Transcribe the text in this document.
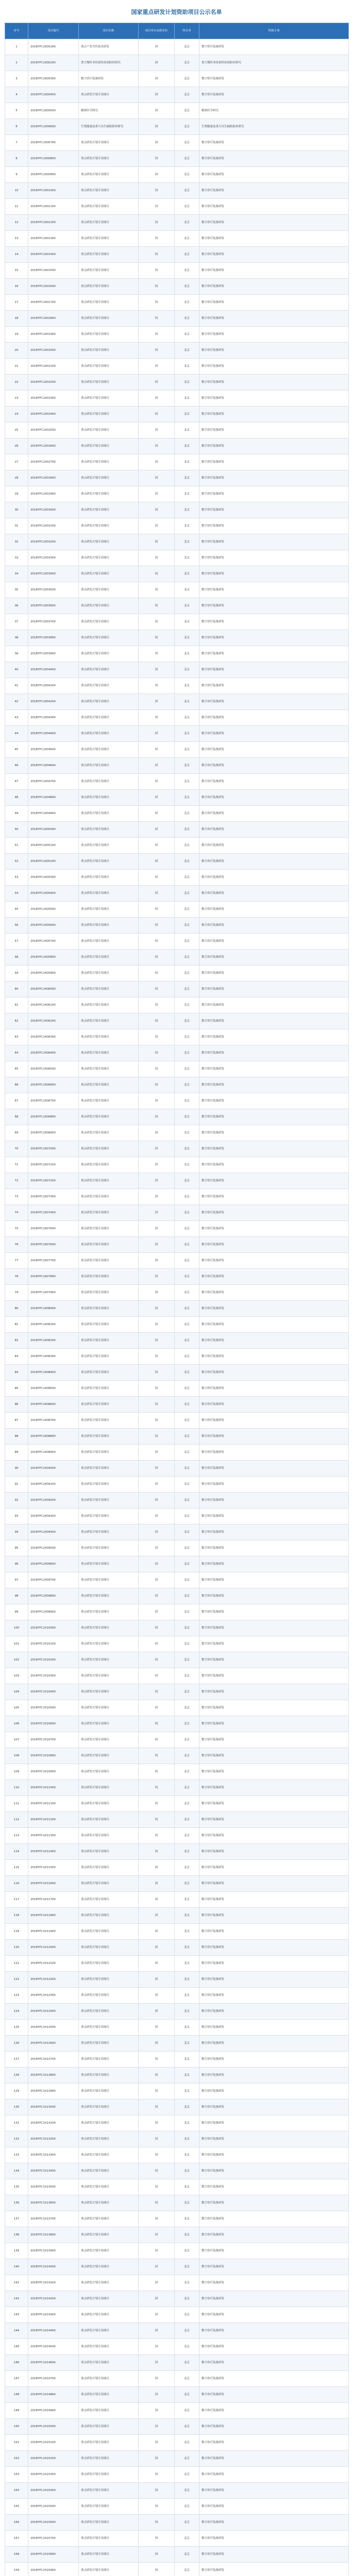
国家重点研发计划资助项目公示名单
序号	项目编号	项目名称	项目牵头承担单位	所在省	所属专项
1	2018YFC1000100	重点产业共性技术研发	国	北京	数字诊疗装备研发
2	2018YFC1000200	重大慢性非传染性疾病防控研究	国	北京	重大慢性非传染性疾病防控研究
3	2018YFC1000300	数字诊疗装备研发	国	北京	数字诊疗装备研发
4	2018YFC1000400	重点研发计划专项项目	国	北京	数字诊疗装备研发
5	2018YFC1000500	精准医学研究	国	北京	精准医学研究
6	2018YFC1000600	生殖健康及重大出生缺陷防控研究	国	北京	生殖健康及重大出生缺陷防控研究
7	2018YFC1000700	重点研发计划专项项目	国	北京	数字诊疗装备研发
8	2018YFC1000800	重点研发计划专项项目	国	北京	数字诊疗装备研发
9	2018YFC1000900	重点研发计划专项项目	国	北京	数字诊疗装备研发
10	2018YFC1001000	重点研发计划专项项目	国	北京	数字诊疗装备研发
11	2018YFC1001100	重点研发计划专项项目	国	北京	数字诊疗装备研发
12	2018YFC1001200	重点研发计划专项项目	国	北京	数字诊疗装备研发
13	2018YFC1001300	重点研发计划专项项目	国	北京	数字诊疗装备研发
14	2018YFC1001400	重点研发计划专项项目	国	北京	数字诊疗装备研发
15	2018YFC1001500	重点研发计划专项项目	国	北京	数字诊疗装备研发
16	2018YFC1001600	重点研发计划专项项目	国	北京	数字诊疗装备研发
17	2018YFC1001700	重点研发计划专项项目	国	北京	数字诊疗装备研发
18	2018YFC1001800	重点研发计划专项项目	国	北京	数字诊疗装备研发
19	2018YFC1001900	重点研发计划专项项目	国	北京	数字诊疗装备研发
20	2018YFC1002000	重点研发计划专项项目	国	北京	数字诊疗装备研发
21	2018YFC1002100	重点研发计划专项项目	国	北京	数字诊疗装备研发
22	2018YFC1002200	重点研发计划专项项目	国	北京	数字诊疗装备研发
23	2018YFC1002300	重点研发计划专项项目	国	北京	数字诊疗装备研发
24	2018YFC1002400	重点研发计划专项项目	国	北京	数字诊疗装备研发
25	2018YFC1002500	重点研发计划专项项目	国	北京	数字诊疗装备研发
26	2018YFC1002600	重点研发计划专项项目	国	北京	数字诊疗装备研发
27	2018YFC1002700	重点研发计划专项项目	国	北京	数字诊疗装备研发
28	2018YFC1002800	重点研发计划专项项目	国	北京	数字诊疗装备研发
29	2018YFC1002900	重点研发计划专项项目	国	北京	数字诊疗装备研发
30	2018YFC1003000	重点研发计划专项项目	国	北京	数字诊疗装备研发
31	2018YFC1003100	重点研发计划专项项目	国	北京	数字诊疗装备研发
32	2018YFC1003200	重点研发计划专项项目	国	北京	数字诊疗装备研发
33	2018YFC1003300	重点研发计划专项项目	国	北京	数字诊疗装备研发
34	2018YFC1003400	重点研发计划专项项目	国	北京	数字诊疗装备研发
35	2018YFC1003500	重点研发计划专项项目	国	北京	数字诊疗装备研发
36	2018YFC1003600	重点研发计划专项项目	国	北京	数字诊疗装备研发
37	2018YFC1003700	重点研发计划专项项目	国	北京	数字诊疗装备研发
38	2018YFC1003800	重点研发计划专项项目	国	北京	数字诊疗装备研发
39	2018YFC1003900	重点研发计划专项项目	国	北京	数字诊疗装备研发
40	2018YFC1004000	重点研发计划专项项目	国	北京	数字诊疗装备研发
41	2018YFC1004100	重点研发计划专项项目	国	北京	数字诊疗装备研发
42	2018YFC1004200	重点研发计划专项项目	国	北京	数字诊疗装备研发
43	2018YFC1004300	重点研发计划专项项目	国	北京	数字诊疗装备研发
44	2018YFC1004400	重点研发计划专项项目	国	北京	数字诊疗装备研发
45	2018YFC1004500	重点研发计划专项项目	国	北京	数字诊疗装备研发
46	2018YFC1004600	重点研发计划专项项目	国	北京	数字诊疗装备研发
47	2018YFC1004700	重点研发计划专项项目	国	北京	数字诊疗装备研发
48	2018YFC1004800	重点研发计划专项项目	国	北京	数字诊疗装备研发
49	2018YFC1004900	重点研发计划专项项目	国	北京	数字诊疗装备研发
50	2018YFC1005000	重点研发计划专项项目	国	北京	数字诊疗装备研发
51	2018YFC1005100	重点研发计划专项项目	国	北京	数字诊疗装备研发
52	2018YFC1005200	重点研发计划专项项目	国	北京	数字诊疗装备研发
53	2018YFC1005300	重点研发计划专项项目	国	北京	数字诊疗装备研发
54	2018YFC1005400	重点研发计划专项项目	国	北京	数字诊疗装备研发
55	2018YFC1005500	重点研发计划专项项目	国	北京	数字诊疗装备研发
56	2018YFC1005600	重点研发计划专项项目	国	北京	数字诊疗装备研发
57	2018YFC1005700	重点研发计划专项项目	国	北京	数字诊疗装备研发
58	2018YFC1005800	重点研发计划专项项目	国	北京	数字诊疗装备研发
59	2018YFC1005900	重点研发计划专项项目	国	北京	数字诊疗装备研发
60	2018YFC1006000	重点研发计划专项项目	国	北京	数字诊疗装备研发
61	2018YFC1006100	重点研发计划专项项目	国	北京	数字诊疗装备研发
62	2018YFC1006200	重点研发计划专项项目	国	北京	数字诊疗装备研发
63	2018YFC1006300	重点研发计划专项项目	国	北京	数字诊疗装备研发
64	2018YFC1006400	重点研发计划专项项目	国	北京	数字诊疗装备研发
65	2018YFC1006500	重点研发计划专项项目	国	北京	数字诊疗装备研发
66	2018YFC1006600	重点研发计划专项项目	国	北京	数字诊疗装备研发
67	2018YFC1006700	重点研发计划专项项目	国	北京	数字诊疗装备研发
68	2018YFC1006800	重点研发计划专项项目	国	北京	数字诊疗装备研发
69	2018YFC1006900	重点研发计划专项项目	国	北京	数字诊疗装备研发
70	2018YFC1007000	重点研发计划专项项目	国	北京	数字诊疗装备研发
71	2018YFC1007100	重点研发计划专项项目	国	北京	数字诊疗装备研发
72	2018YFC1007200	重点研发计划专项项目	国	北京	数字诊疗装备研发
73	2018YFC1007300	重点研发计划专项项目	国	北京	数字诊疗装备研发
74	2018YFC1007400	重点研发计划专项项目	国	北京	数字诊疗装备研发
75	2018YFC1007500	重点研发计划专项项目	国	北京	数字诊疗装备研发
76	2018YFC1007600	重点研发计划专项项目	国	北京	数字诊疗装备研发
77	2018YFC1007700	重点研发计划专项项目	国	北京	数字诊疗装备研发
78	2018YFC1007800	重点研发计划专项项目	国	北京	数字诊疗装备研发
79	2018YFC1007900	重点研发计划专项项目	国	北京	数字诊疗装备研发
80	2018YFC1008000	重点研发计划专项项目	国	北京	数字诊疗装备研发
81	2018YFC1008100	重点研发计划专项项目	国	北京	数字诊疗装备研发
82	2018YFC1008200	重点研发计划专项项目	国	北京	数字诊疗装备研发
83	2018YFC1008300	重点研发计划专项项目	国	北京	数字诊疗装备研发
84	2018YFC1008400	重点研发计划专项项目	国	北京	数字诊疗装备研发
85	2018YFC1008500	重点研发计划专项项目	国	北京	数字诊疗装备研发
86	2018YFC1008600	重点研发计划专项项目	国	北京	数字诊疗装备研发
87	2018YFC1008700	重点研发计划专项项目	国	北京	数字诊疗装备研发
88	2018YFC1008800	重点研发计划专项项目	国	北京	数字诊疗装备研发
89	2018YFC1008900	重点研发计划专项项目	国	北京	数字诊疗装备研发
90	2018YFC1009000	重点研发计划专项项目	国	北京	数字诊疗装备研发
91	2018YFC1009100	重点研发计划专项项目	国	北京	数字诊疗装备研发
92	2018YFC1009200	重点研发计划专项项目	国	北京	数字诊疗装备研发
93	2018YFC1009300	重点研发计划专项项目	国	北京	数字诊疗装备研发
94	2018YFC1009400	重点研发计划专项项目	国	北京	数字诊疗装备研发
95	2018YFC1009500	重点研发计划专项项目	国	北京	数字诊疗装备研发
96	2018YFC1009600	重点研发计划专项项目	国	北京	数字诊疗装备研发
97	2018YFC1009700	重点研发计划专项项目	国	北京	数字诊疗装备研发
98	2018YFC1009800	重点研发计划专项项目	国	北京	数字诊疗装备研发
99	2018YFC1009900	重点研发计划专项项目	国	北京	数字诊疗装备研发
100	2018YFC1010000	重点研发计划专项项目	国	北京	数字诊疗装备研发
101	2018YFC1010100	重点研发计划专项项目	国	北京	数字诊疗装备研发
102	2018YFC1010200	重点研发计划专项项目	国	北京	数字诊疗装备研发
103	2018YFC1010300	重点研发计划专项项目	国	北京	数字诊疗装备研发
104	2018YFC1010400	重点研发计划专项项目	国	北京	数字诊疗装备研发
105	2018YFC1010500	重点研发计划专项项目	国	北京	数字诊疗装备研发
106	2018YFC1010600	重点研发计划专项项目	国	北京	数字诊疗装备研发
107	2018YFC1010700	重点研发计划专项项目	国	北京	数字诊疗装备研发
108	2018YFC1010800	重点研发计划专项项目	国	北京	数字诊疗装备研发
109	2018YFC1010900	重点研发计划专项项目	国	北京	数字诊疗装备研发
110	2018YFC1011000	重点研发计划专项项目	国	北京	数字诊疗装备研发
111	2018YFC1011100	重点研发计划专项项目	国	北京	数字诊疗装备研发
112	2018YFC1011200	重点研发计划专项项目	国	北京	数字诊疗装备研发
113	2018YFC1011300	重点研发计划专项项目	国	北京	数字诊疗装备研发
114	2018YFC1011400	重点研发计划专项项目	国	北京	数字诊疗装备研发
115	2018YFC1011500	重点研发计划专项项目	国	北京	数字诊疗装备研发
116	2018YFC1011600	重点研发计划专项项目	国	北京	数字诊疗装备研发
117	2018YFC1011700	重点研发计划专项项目	国	北京	数字诊疗装备研发
118	2018YFC1011800	重点研发计划专项项目	国	北京	数字诊疗装备研发
119	2018YFC1011900	重点研发计划专项项目	国	北京	数字诊疗装备研发
120	2018YFC1012000	重点研发计划专项项目	国	北京	数字诊疗装备研发
121	2018YFC1012100	重点研发计划专项项目	国	北京	数字诊疗装备研发
122	2018YFC1012200	重点研发计划专项项目	国	北京	数字诊疗装备研发
123	2018YFC1012300	重点研发计划专项项目	国	北京	数字诊疗装备研发
124	2018YFC1012400	重点研发计划专项项目	国	北京	数字诊疗装备研发
125	2018YFC1012500	重点研发计划专项项目	国	北京	数字诊疗装备研发
126	2018YFC1012600	重点研发计划专项项目	国	北京	数字诊疗装备研发
127	2018YFC1012700	重点研发计划专项项目	国	北京	数字诊疗装备研发
128	2018YFC1012800	重点研发计划专项项目	国	北京	数字诊疗装备研发
129	2018YFC1012900	重点研发计划专项项目	国	北京	数字诊疗装备研发
130	2018YFC1013000	重点研发计划专项项目	国	北京	数字诊疗装备研发
131	2018YFC1013100	重点研发计划专项项目	国	北京	数字诊疗装备研发
132	2018YFC1013200	重点研发计划专项项目	国	北京	数字诊疗装备研发
133	2018YFC1013300	重点研发计划专项项目	国	北京	数字诊疗装备研发
134	2018YFC1013400	重点研发计划专项项目	国	北京	数字诊疗装备研发
135	2018YFC1013500	重点研发计划专项项目	国	北京	数字诊疗装备研发
136	2018YFC1013600	重点研发计划专项项目	国	北京	数字诊疗装备研发
137	2018YFC1013700	重点研发计划专项项目	国	北京	数字诊疗装备研发
138	2018YFC1013800	重点研发计划专项项目	国	北京	数字诊疗装备研发
139	2018YFC1013900	重点研发计划专项项目	国	北京	数字诊疗装备研发
140	2018YFC1014000	重点研发计划专项项目	国	北京	数字诊疗装备研发
141	2018YFC1014100	重点研发计划专项项目	国	北京	数字诊疗装备研发
142	2018YFC1014200	重点研发计划专项项目	国	北京	数字诊疗装备研发
143	2018YFC1014300	重点研发计划专项项目	国	北京	数字诊疗装备研发
144	2018YFC1014400	重点研发计划专项项目	国	北京	数字诊疗装备研发
145	2018YFC1014500	重点研发计划专项项目	国	北京	数字诊疗装备研发
146	2018YFC1014600	重点研发计划专项项目	国	北京	数字诊疗装备研发
147	2018YFC1014700	重点研发计划专项项目	国	北京	数字诊疗装备研发
148	2018YFC1014800	重点研发计划专项项目	国	北京	数字诊疗装备研发
149	2018YFC1014900	重点研发计划专项项目	国	北京	数字诊疗装备研发
150	2018YFC1015000	重点研发计划专项项目	国	北京	数字诊疗装备研发
151	2018YFC1015100	重点研发计划专项项目	国	北京	数字诊疗装备研发
152	2018YFC1015200	重点研发计划专项项目	国	北京	数字诊疗装备研发
153	2018YFC1015300	重点研发计划专项项目	国	北京	数字诊疗装备研发
154	2018YFC1015400	重点研发计划专项项目	国	北京	数字诊疗装备研发
155	2018YFC1015500	重点研发计划专项项目	国	北京	数字诊疗装备研发
156	2018YFC1015600	重点研发计划专项项目	国	北京	数字诊疗装备研发
157	2018YFC1015700	重点研发计划专项项目	国	北京	数字诊疗装备研发
158	2018YFC1015800	重点研发计划专项项目	国	北京	数字诊疗装备研发
159	2018YFC1015900	重点研发计划专项项目	国	北京	数字诊疗装备研发
